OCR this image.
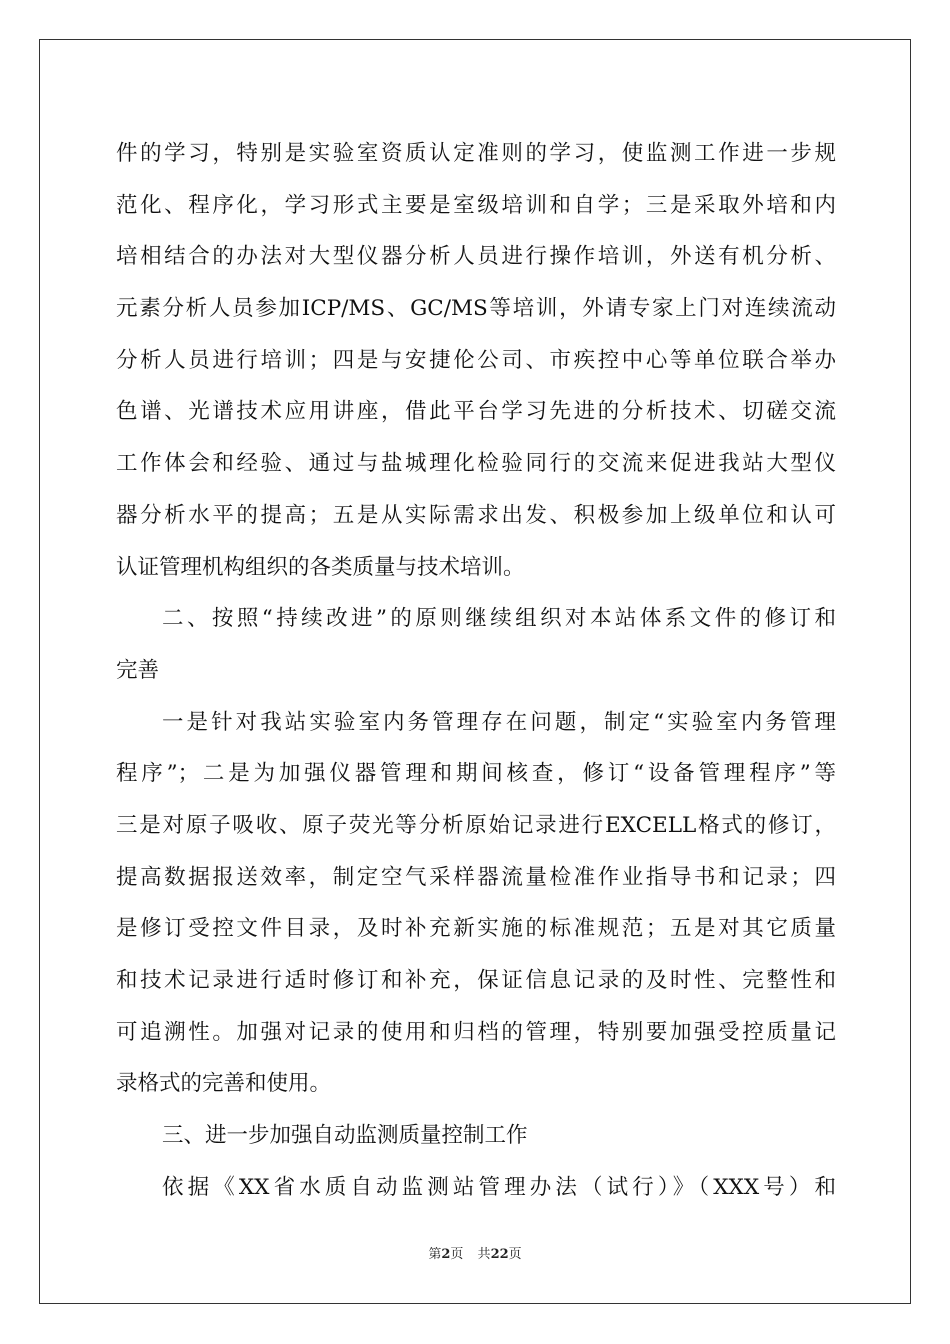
件的学习，特别是实验室资质认定准则的学习，使监测工作进一步规
范化、程序化，学习形式主要是室级培训和自学；三是采取外培和内
培相结合的办法对大型仪器分析人员进行操作培训，外送有机分析、
元素分析人员参加ICP/MS、GC/MS等培训，外请专家上门对连续流动
分析人员进行培训；四是与安捷伦公司、市疾控中心等单位联合举办
色谱、光谱技术应用讲座，借此平台学习先进的分析技术、切磋交流
工作体会和经验、通过与盐城理化检验同行的交流来促进我站大型仪
器分析水平的提高；五是从实际需求出发、积极参加上级单位和认可
认证管理机构组织的各类质量与技术培训。
二、按照“持续改进”的原则继续组织对本站体系文件的修订和
完善
一是针对我站实验室内务管理存在问题，制定“实验室内务管理
程序”；二是为加强仪器管理和期间核查，修订“设备管理程序”等
三是对原子吸收、原子荧光等分析原始记录进行EXCELL格式的修订，
提高数据报送效率，制定空气采样器流量检准作业指导书和记录；四
是修订受控文件目录，及时补充新实施的标准规范；五是对其它质量
和技术记录进行适时修订和补充，保证信息记录的及时性、完整性和
可追溯性。加强对记录的使用和归档的管理，特别要加强受控质量记
录格式的完善和使用。
三、进一步加强自动监测质量控制工作
依据《XX省水质自动监测站管理办法（试行）》（XXX号）和
第2页 共22页
